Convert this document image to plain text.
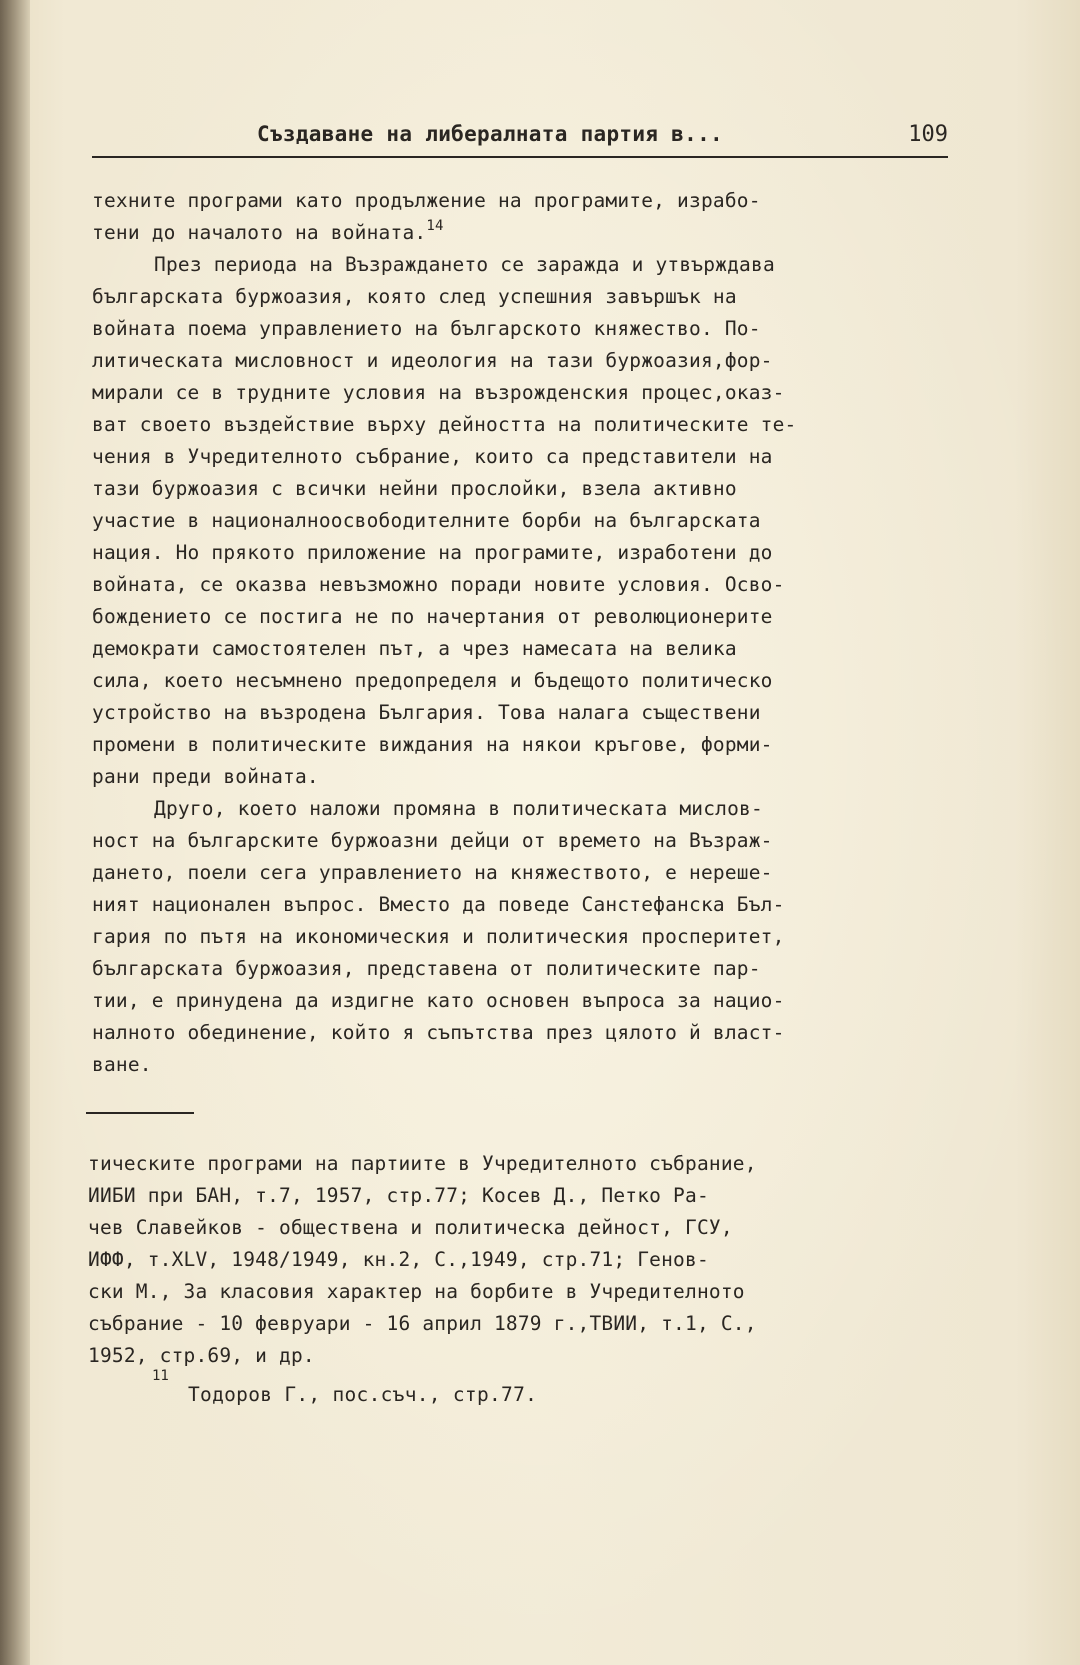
Създаване на либералната партия в...	109
техните програми като продължение на програмите, израбо-
тени до началото на войната.$^{14}$
През периода на Възраждането се заражда и утвърждава
българската буржоазия, която след успешния завършък на
войната поема управлението на българското княжество. По-
литическата мисловност и идеология на тази буржоазия,фор-
мирали се в трудните условия на възрожденския процес,оказ-
ват своето въздействие върху дейността на политическите те-
чения в Учредителното събрание, които са представители на
тази буржоазия с всички нейни прослойки, взела активно
участие в националноосвободителните борби на българската
нация. Но прякото приложение на програмите, изработени до
войната, се оказва невъзможно поради новите условия. Осво-
бождението се постига не по начертания от революционерите
демократи самостоятелен път, а чрез намесата на велика
сила, което несъмнено предопределя и бъдещото политическо
устройство на възродена България. Това налага съществени
промени в политическите виждания на някои кръгове, форми-
рани преди войната.
Друго, което наложи промяна в политическата мислов-
ност на българските буржоазни дейци от времето на Възраж-
дането, поели сега управлението на княжеството, е нереше-
ният национален въпрос. Вместо да поведе Санстефанска Бъл-
гария по пътя на икономическия и политическия просперитет,
българската буржоазия, представена от политическите пар-
тии, е принудена да издигне като основен въпроса за нацио-
налното обединение, който я съпътства през цялото й власт-
ване.
тическите програми на партиите в Учредителното събрание,
ИИБИ при БАН, т.7, 1957, стр.77; Косев Д., Петко Ра-
чев Славейков - обществена и политическа дейност, ГСУ,
ИФФ, т.XLV, 1948/1949, кн.2, С.,1949, стр.71; Генов-
ски М., За класовия характер на борбите в Учредителното
събрание - 10 февруари - 16 април 1879 г.,ТВИИ, т.1, С.,
1952, стр.69, и др.
11
Тодоров Г., пос.съч., стр.77.
